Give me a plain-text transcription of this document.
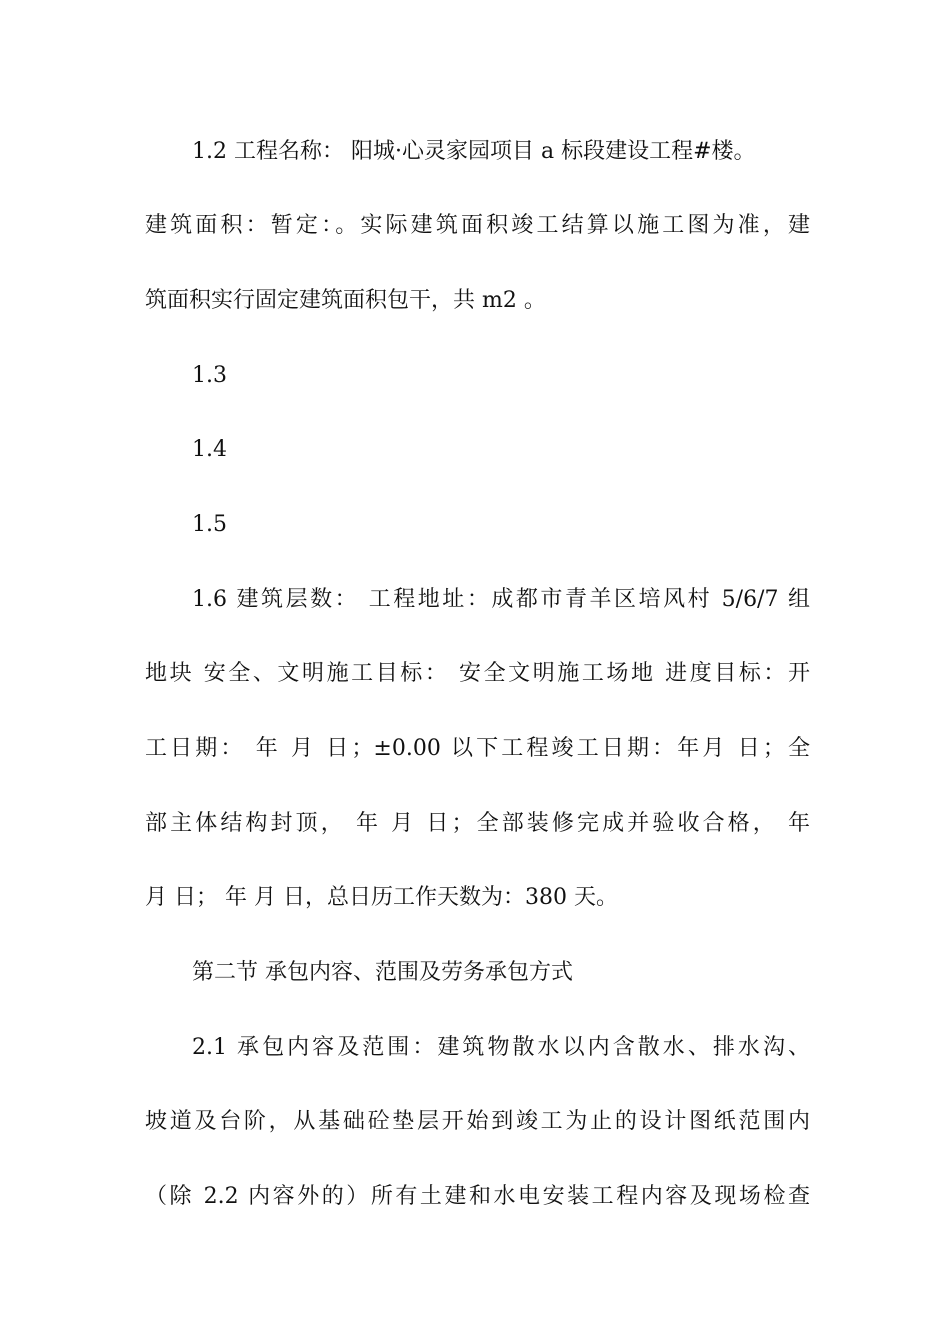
1.2 工程名称： 阳城·心灵家园项目 a 标段建设工程#楼。
建筑面积：暂定：。实际建筑面积竣工结算以施工图为准，建
筑面积实行固定建筑面积包干，共 m2 。
1.3
1.4
1.5
1.6 建筑层数： 工程地址：成都市青羊区培风村 5/6/7 组
地块 安全、文明施工目标： 安全文明施工场地 进度目标：开
工日期： 年 月 日；±0.00 以下工程竣工日期：年月 日；全
部主体结构封顶， 年 月 日；全部装修完成并验收合格， 年
月 日； 年 月 日，总日历工作天数为：380 天。
第二节 承包内容、范围及劳务承包方式
2.1 承包内容及范围：建筑物散水以内含散水、排水沟、
坡道及台阶，从基础砼垫层开始到竣工为止的设计图纸范围内
（除 2.2 内容外的）所有土建和水电安装工程内容及现场检查
